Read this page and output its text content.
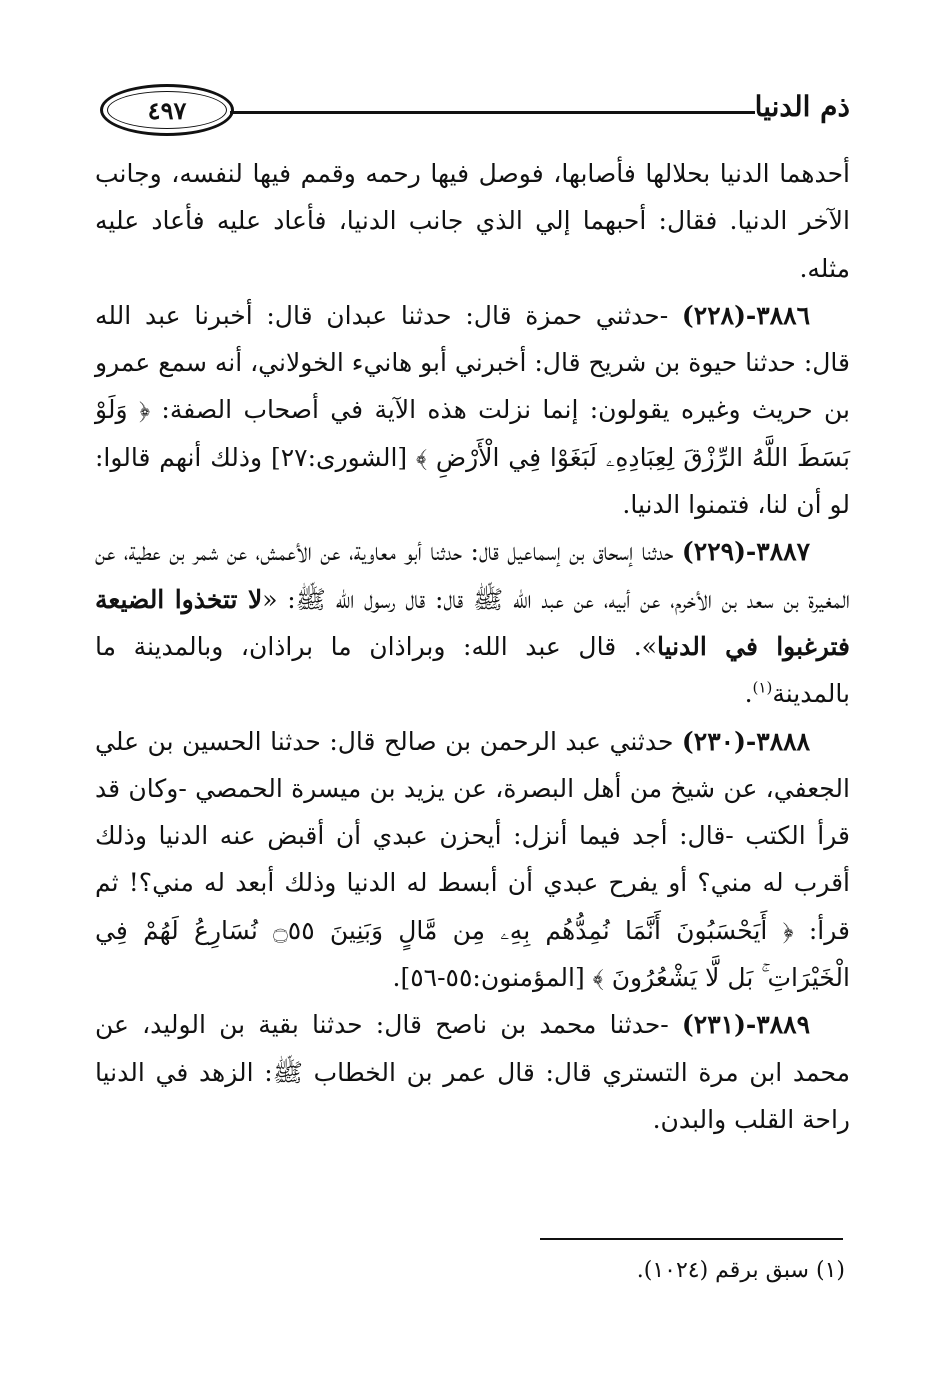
٤٩٧	ذم الدنيا

أحدهما الدنيا بحلالها فأصابها، فوصل فيها رحمه وقمم فيها لنفسه، وجانب الآخر الدنيا. فقال: أحبهما إلي الذي جانب الدنيا، فأعاد عليه فأعاد عليه مثله.

٣٨٨٦-(٢٢٨) -حدثني حمزة قال: حدثنا عبدان قال: أخبرنا عبد الله قال: حدثنا حيوة بن شريح قال: أخبرني أبو هانيء الخولاني، أنه سمع عمرو بن حريث وغيره يقولون: إنما نزلت هذه الآية في أصحاب الصفة: ﴿ وَلَوْ بَسَطَ اللَّهُ الرِّزْقَ لِعِبَادِهِۦ لَبَغَوْا فِي الْأَرْضِ ﴾ [الشورى:٢٧] وذلك أنهم قالوا: لو أن لنا، فتمنوا الدنيا.

٣٨٨٧-(٢٢٩) حدثنا إسحاق بن إسماعيل قال: حدثنا أبو معاوية، عن الأعمش، عن شمر بن عطية، عن المغيرة بن سعد بن الأخرم، عن أبيه، عن عبد الله ﷺ قال: قال رسول الله ﷺ: «لا تتخذوا الضيعة فترغبوا في الدنيا». قال عبد الله: وبراذان ما براذان، وبالمدينة ما بالمدينة$^{(١)}$.

٣٨٨٨-(٢٣٠) حدثني عبد الرحمن بن صالح قال: حدثنا الحسين بن علي الجعفي، عن شيخ من أهل البصرة، عن يزيد بن ميسرة الحمصي -وكان قد قرأ الكتب -قال: أجد فيما أنزل: أيحزن عبدي أن أقبض عنه الدنيا وذلك أقرب له مني؟ أو يفرح عبدي أن أبسط له الدنيا وذلك أبعد له مني؟! ثم قرأ: ﴿ أَيَحْسَبُونَ أَنَّمَا نُمِدُّهُم بِهِۦ مِن مَّالٍ وَبَنِينَ ۝٥٥ نُسَارِعُ لَهُمْ فِي الْخَيْرَاتِ ۚ بَل لَّا يَشْعُرُونَ ﴾ [المؤمنون:٥٥-٥٦].

٣٨٨٩-(٢٣١) -حدثنا محمد بن ناصح قال: حدثنا بقية بن الوليد، عن محمد ابن مرة التستري قال: قال عمر بن الخطاب ﷺ: الزهد في الدنيا راحة القلب والبدن.

(١) سبق برقم (١٠٢٤).
